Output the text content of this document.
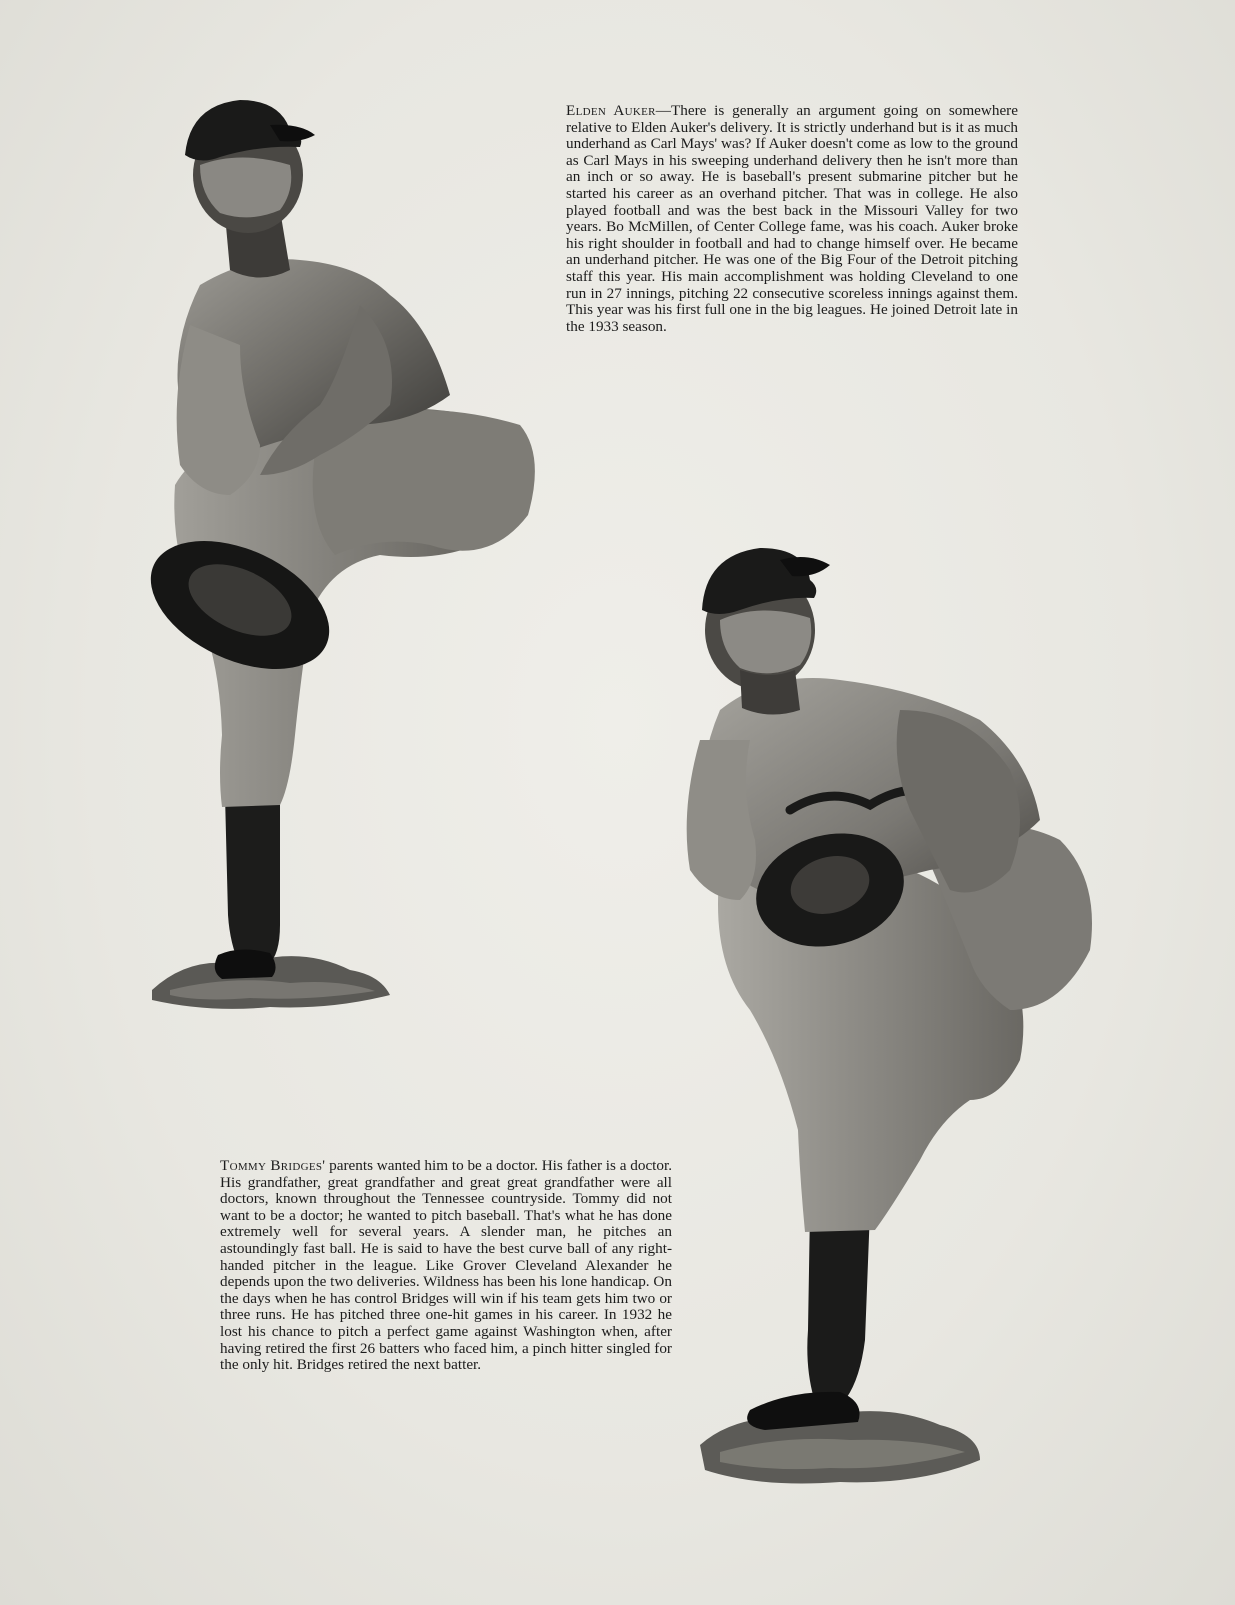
Elden Auker—There is generally an argument going on somewhere relative to Elden Auker's delivery. It is strictly underhand but is it as much underhand as Carl Mays' was? If Auker doesn't come as low to the ground as Carl Mays in his sweeping underhand delivery then he isn't more than an inch or so away. He is baseball's present submarine pitcher but he started his career as an overhand pitcher. That was in college. He also played football and was the best back in the Missouri Valley for two years. Bo McMillen, of Center College fame, was his coach. Auker broke his right shoulder in football and had to change himself over. He became an underhand pitcher. He was one of the Big Four of the Detroit pitching staff this year. His main accomplishment was holding Cleveland to one run in 27 innings, pitching 22 consecutive scoreless innings against them. This year was his first full one in the big leagues. He joined Detroit late in the 1933 season.

Tommy Bridges' parents wanted him to be a doctor. His father is a doctor. His grandfather, great grandfather and great great grandfather were all doctors, known throughout the Tennessee countryside. Tommy did not want to be a doctor; he wanted to pitch baseball. That's what he has done extremely well for several years. A slender man, he pitches an astoundingly fast ball. He is said to have the best curve ball of any right-handed pitcher in the league. Like Grover Cleveland Alexander he depends upon the two deliveries. Wildness has been his lone handicap. On the days when he has control Bridges will win if his team gets him two or three runs. He has pitched three one-hit games in his career. In 1932 he lost his chance to pitch a perfect game against Washington when, after having retired the first 26 batters who faced him, a pinch hitter singled for the only hit. Bridges retired the next batter.
